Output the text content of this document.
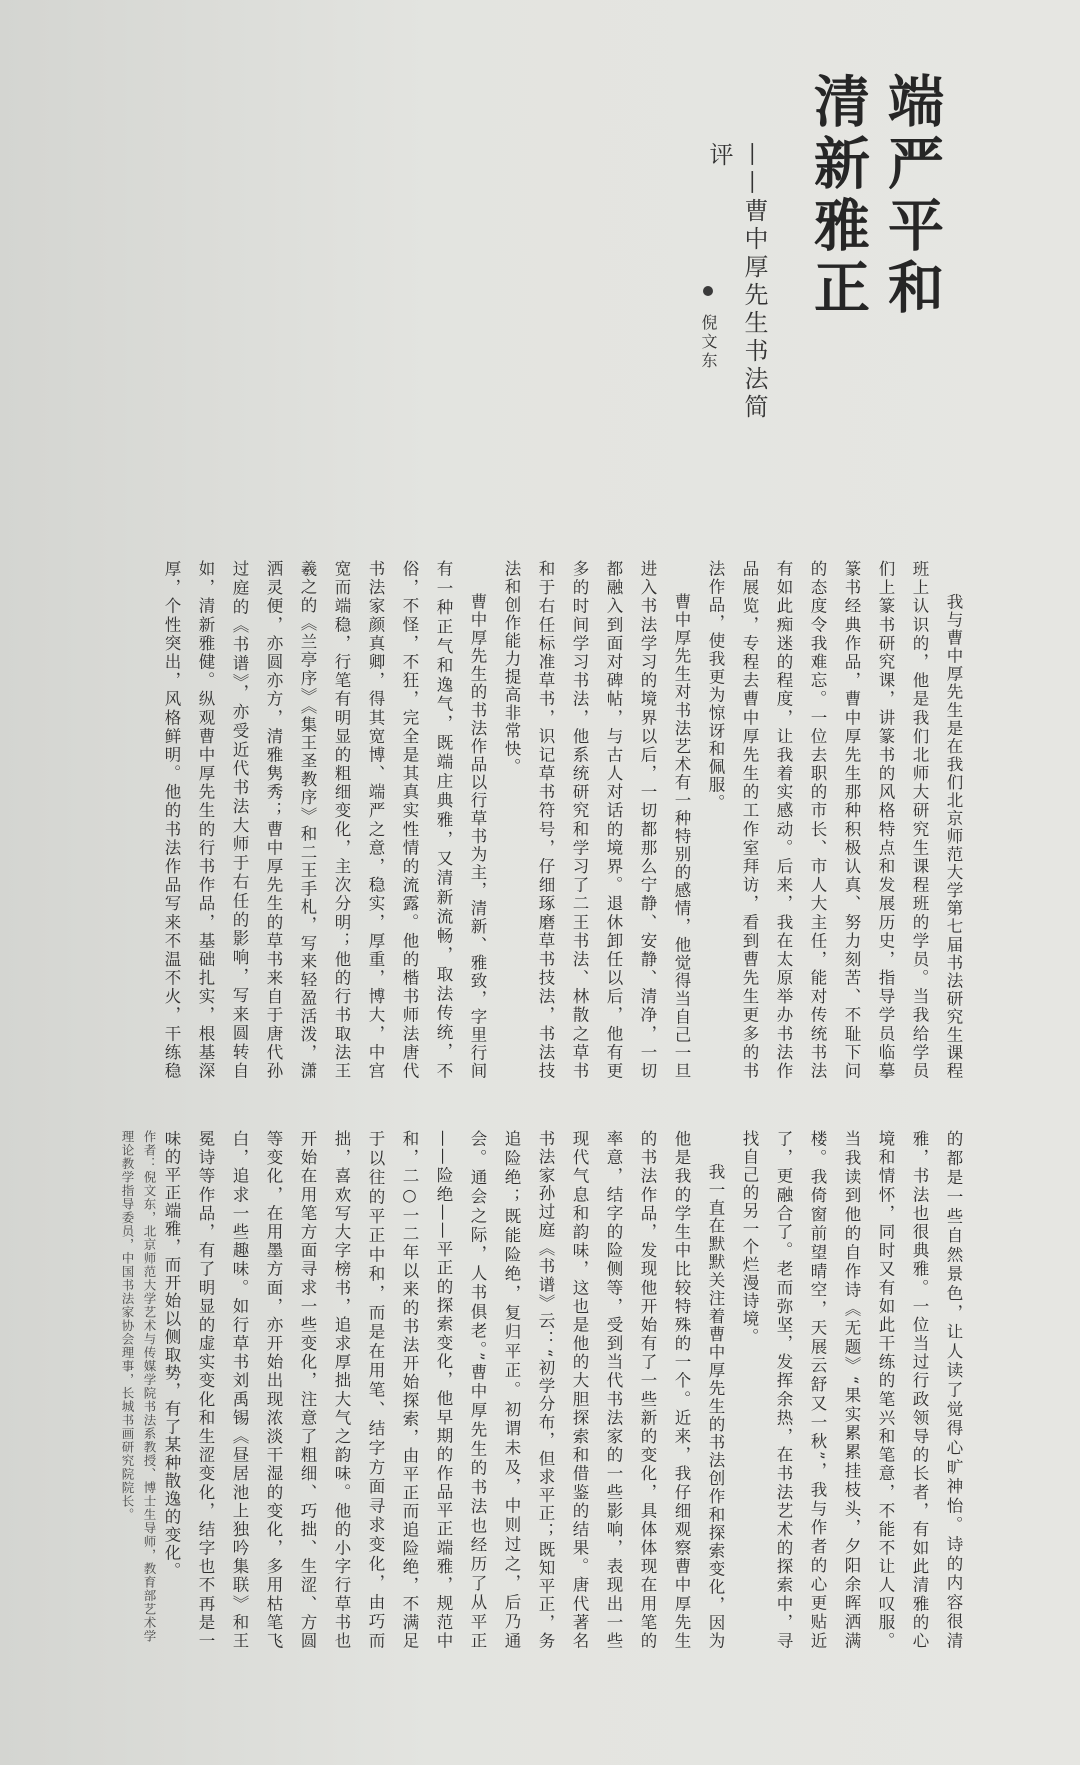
端严平和
清新雅正
——曹中厚先生书法简评
倪文东

我与曹中厚先生是在我们北京师范大学第七届书法研究生课程班上认识的，他是我们北师大研究生课程班的学员。当我给学员们上篆书研究课，讲篆书的风格特点和发展历史，指导学员临摹篆书经典作品，曹中厚先生那种积极认真、努力刻苦、不耻下问的态度令我难忘。一位去职的市长、市人大主任，能对传统书法有如此痴迷的程度，让我着实感动。后来，我在太原举办书法作品展览，专程去曹中厚先生的工作室拜访，看到曹先生更多的书法作品，使我更为惊讶和佩服。

曹中厚先生对书法艺术有一种特别的感情，他觉得当自己一旦进入书法学习的境界以后，一切都那么宁静、安静、清净，一切都融入到面对碑帖，与古人对话的境界。退休卸任以后，他有更多的时间学习书法，他系统研究和学习了二王书法、林散之草书和于右任标准草书，识记草书符号，仔细琢磨草书技法，书法技法和创作能力提高非常快。

曹中厚先生的书法作品以行草书为主，清新、雅致，字里行间有一种正气和逸气，既端庄典雅，又清新流畅，取法传统，不俗，不怪，不狂，完全是其真实性情的流露。他的楷书师法唐代书法家颜真卿，得其宽博、端严之意，稳实，厚重，博大，中宫宽而端稳，行笔有明显的粗细变化，主次分明；他的行书取法王羲之的《兰亭序》《集王圣教序》和二王手札，写来轻盈活泼，潇洒灵便，亦圆亦方，清雅隽秀；曹中厚先生的草书来自于唐代孙过庭的《书谱》，亦受近代书法大师于右任的影响，写来圆转自如，清新雅健。纵观曹中厚先生的行书作品，基础扎实，根基深厚，个性突出，风格鲜明。他的书法作品写来不温不火，干练稳

的都是一些自然景色，让人读了觉得心旷神怡。诗的内容很清雅，书法也很典雅。一位当过行政领导的长者，有如此清雅的心境和情怀，同时又有如此干练的笔兴和笔意，不能不让人叹服。当我读到他的自作诗《无题》“果实累累挂枝头，夕阳余晖洒满楼。我倚窗前望晴空，天展云舒又一秋”，我与作者的心更贴近了，更融合了。老而弥坚，发挥余热，在书法艺术的探索中，寻找自己的另一个烂漫诗境。

我一直在默默关注着曹中厚先生的书法创作和探索变化，因为他是我的学生中比较特殊的一个。近来，我仔细观察曹中厚先生的书法作品，发现他开始有了一些新的变化，具体体现在用笔的率意，结字的险侧等，受到当代书法家的一些影响，表现出一些现代气息和韵味，这也是他的大胆探索和借鉴的结果。唐代著名书法家孙过庭《书谱》云：“初学分布，但求平正；既知平正，务追险绝；既能险绝，复归平正。初谓未及，中则过之，后乃通会。通会之际，人书俱老。”曹中厚先生的书法也经历了从平正——险绝——平正的探索变化，他早期的作品平正端雅，规范中和，二○一二年以来的书法开始探索，由平正而追险绝，不满足于以往的平正中和，而是在用笔、结字方面寻求变化，由巧而拙，喜欢写大字榜书，追求厚拙大气之韵味。他的小字行草书也开始在用笔方面寻求一些变化，注意了粗细、巧拙、生涩、方圆等变化，在用墨方面，亦开始出现浓淡干湿的变化，多用枯笔飞白，追求一些趣味。如行草书刘禹锡《昼居池上独吟集联》和王冕诗等作品，有了明显的虚实变化和生涩变化，结字也不再是一味的平正端雅，而开始以侧取势，有了某种散逸的变化。

作者：倪文东，北京师范大学艺术与传媒学院书法系教授、博士生导师，教育部艺术学理论教学指导委员，中国书法家协会理事，长城书画研究院院长。
